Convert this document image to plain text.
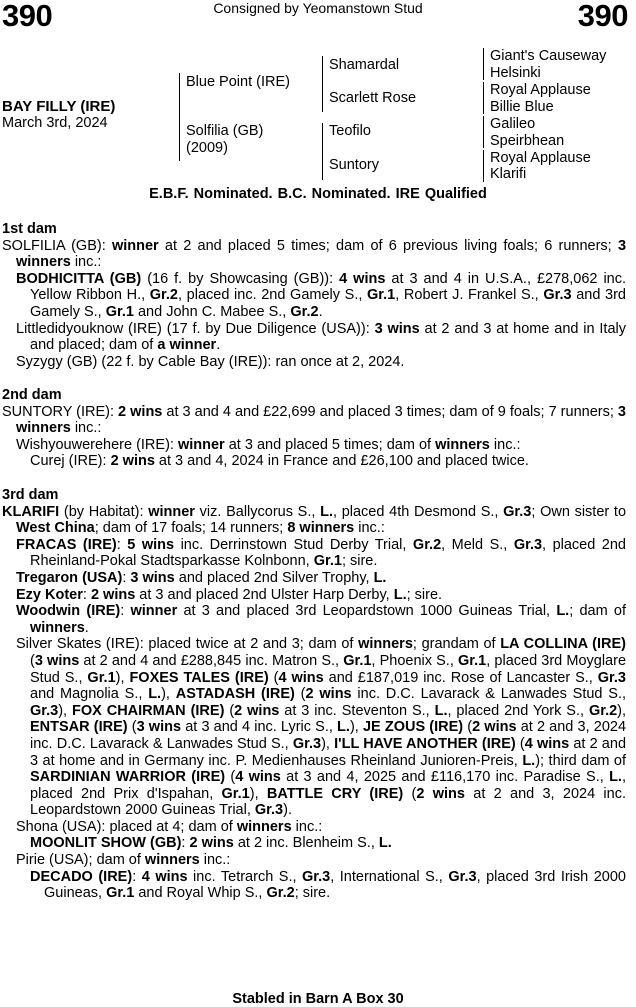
390	Consigned by Yeomanstown Stud	390
BAY FILLY (IRE)
March 3rd, 2024
Blue Point (IRE)
Solfilia (GB)
(2009)
Shamardal
Scarlett Rose
Teofilo
Suntory
Giant's Causeway
Helsinki
Royal Applause
Billie Blue
Galileo
Speirbhean
Royal Applause
Klarifi
E.B.F. Nominated. B.C. Nominated. IRE Qualified

1st dam

SOLFILIA (GB): winner at 2 and placed 5 times; dam of 6 previous living foals; 6 runners; 3 winners inc.:

BODHICITTA (GB) (16 f. by Showcasing (GB)): 4 wins at 3 and 4 in U.S.A., £278,062 inc. Yellow Ribbon H., Gr.2, placed inc. 2nd Gamely S., Gr.1, Robert J. Frankel S., Gr.3 and 3rd Gamely S., Gr.1 and John C. Mabee S., Gr.2.

Littledidyouknow (IRE) (17 f. by Due Diligence (USA)): 3 wins at 2 and 3 at home and in Italy and placed; dam of a winner.

Syzygy (GB) (22 f. by Cable Bay (IRE)): ran once at 2, 2024.

2nd dam

SUNTORY (IRE): 2 wins at 3 and 4 and £22,699 and placed 3 times; dam of 9 foals; 7 runners; 3 winners inc.:

Wishyouwerehere (IRE): winner at 3 and placed 5 times; dam of winners inc.:

Curej (IRE): 2 wins at 3 and 4, 2024 in France and £26,100 and placed twice.

3rd dam

KLARIFI (by Habitat): winner viz. Ballycorus S., L., placed 4th Desmond S., Gr.3; Own sister to West China; dam of 17 foals; 14 runners; 8 winners inc.:

FRACAS (IRE): 5 wins inc. Derrinstown Stud Derby Trial, Gr.2, Meld S., Gr.3, placed 2nd Rheinland-Pokal Stadtsparkasse Kolnbonn, Gr.1; sire.

Tregaron (USA): 3 wins and placed 2nd Silver Trophy, L.

Ezy Koter: 2 wins at 3 and placed 2nd Ulster Harp Derby, L.; sire.

Woodwin (IRE): winner at 3 and placed 3rd Leopardstown 1000 Guineas Trial, L.; dam of winners.

Silver Skates (IRE): placed twice at 2 and 3; dam of winners; grandam of LA COLLINA (IRE) (3 wins at 2 and 4 and £288,845 inc. Matron S., Gr.1, Phoenix S., Gr.1, placed 3rd Moyglare Stud S., Gr.1), FOXES TALES (IRE) (4 wins and £187,019 inc. Rose of Lancaster S., Gr.3 and Magnolia S., L.), ASTADASH (IRE) (2 wins inc. D.C. Lavarack & Lanwades Stud S., Gr.3), FOX CHAIRMAN (IRE) (2 wins at 3 inc. Steventon S., L., placed 2nd York S., Gr.2), ENTSAR (IRE) (3 wins at 3 and 4 inc. Lyric S., L.), JE ZOUS (IRE) (2 wins at 2 and 3, 2024 inc. D.C. Lavarack & Lanwades Stud S., Gr.3), I'LL HAVE ANOTHER (IRE) (4 wins at 2 and 3 at home and in Germany inc. P. Medienhauses Rheinland Junioren-Preis, L.); third dam of SARDINIAN WARRIOR (IRE) (4 wins at 3 and 4, 2025 and £116,170 inc. Paradise S., L., placed 2nd Prix d'Ispahan, Gr.1), BATTLE CRY (IRE) (2 wins at 2 and 3, 2024 inc. Leopardstown 2000 Guineas Trial, Gr.3).

Shona (USA): placed at 4; dam of winners inc.:

MOONLIT SHOW (GB): 2 wins at 2 inc. Blenheim S., L.

Pirie (USA); dam of winners inc.:

DECADO (IRE): 4 wins inc. Tetrarch S., Gr.3, International S., Gr.3, placed 3rd Irish 2000 Guineas, Gr.1 and Royal Whip S., Gr.2; sire.

Stabled in Barn A Box 30
